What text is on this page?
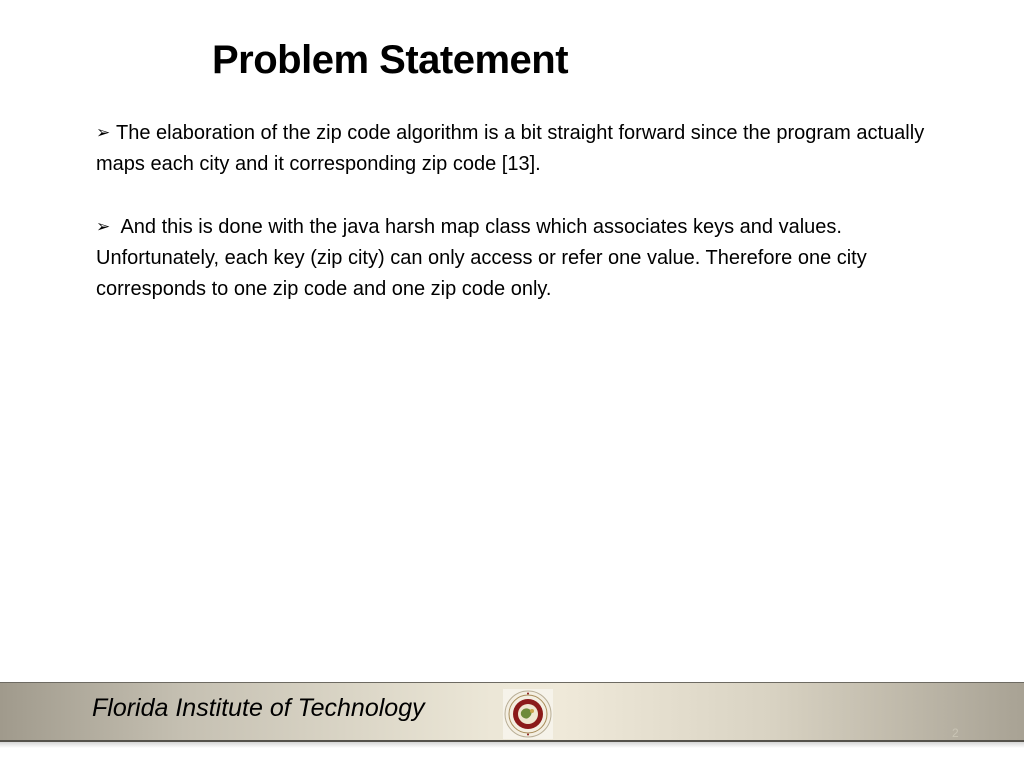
Problem Statement

➢ The elaboration of the zip code algorithm is a bit straight forward since the program actually maps each city and it corresponding zip code [13].

➢ And this is done with the java harsh map class which associates keys and values. Unfortunately, each key (zip city) can only access or refer one value. Therefore one city corresponds to one zip code and one zip code only.

Florida Institute of Technology
2
